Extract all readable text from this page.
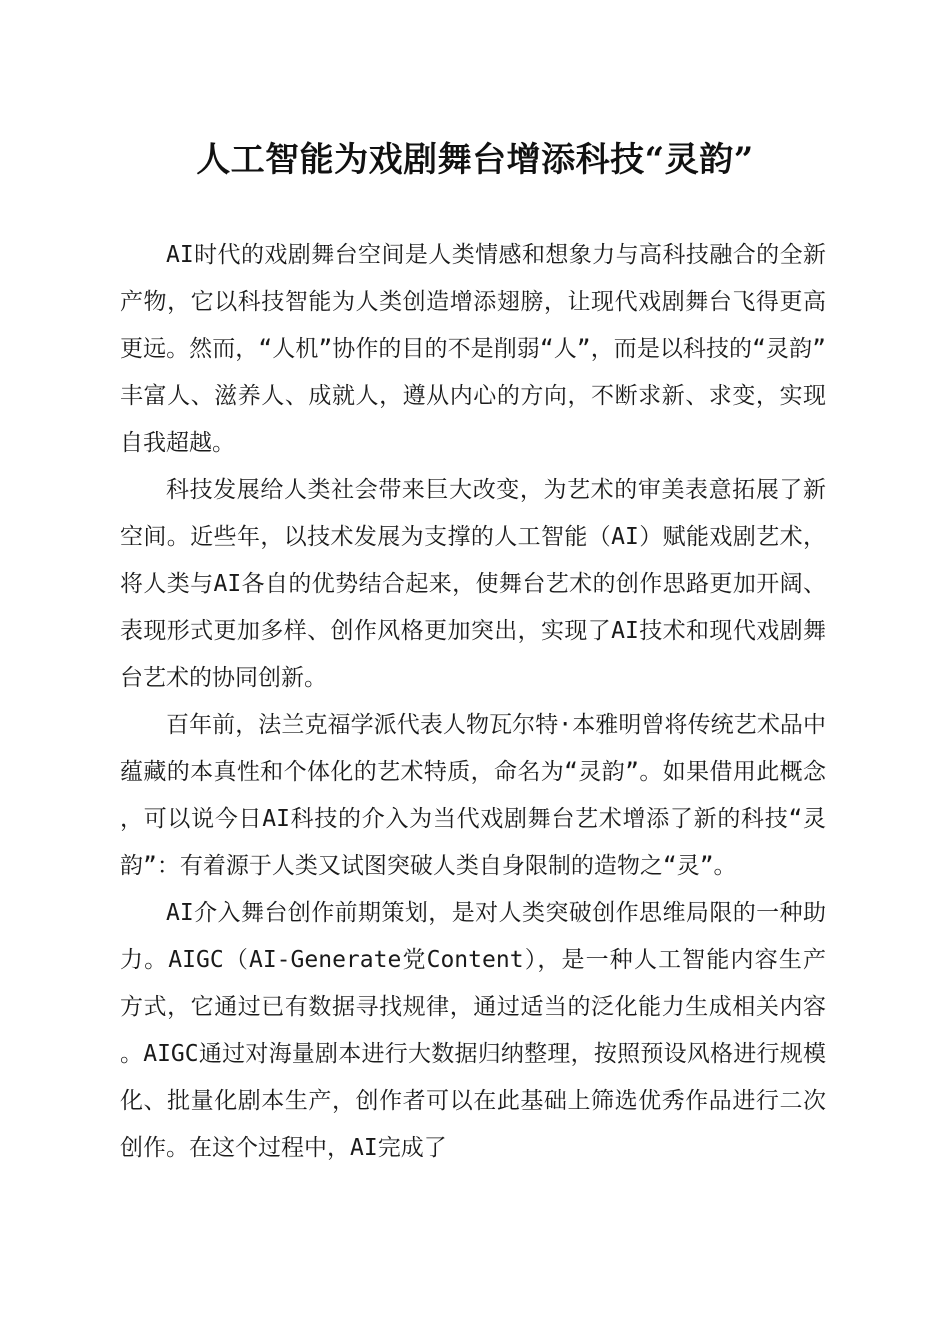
人工智能为戏剧舞台增添科技“灵韵”

AI时代的戏剧舞台空间是人类情感和想象力与高科技融合的全新产物，它以科技智能为人类创造增添翅膀，让现代戏剧舞台飞得更高更远。然而，“人机”协作的目的不是削弱“人”，而是以科技的“灵韵”丰富人、滋养人、成就人，遵从内心的方向，不断求新、求变，实现自我超越。

科技发展给人类社会带来巨大改变，为艺术的审美表意拓展了新空间。近些年，以技术发展为支撑的人工智能（AI）赋能戏剧艺术，将人类与AI各自的优势结合起来，使舞台艺术的创作思路更加开阔、表现形式更加多样、创作风格更加突出，实现了AI技术和现代戏剧舞台艺术的协同创新。

百年前，法兰克福学派代表人物瓦尔特·本雅明曾将传统艺术品中蕴藏的本真性和个体化的艺术特质，命名为“灵韵”。如果借用此概念，可以说今日AI科技的介入为当代戏剧舞台艺术增添了新的科技“灵韵”：有着源于人类又试图突破人类自身限制的造物之“灵”。

AI介入舞台创作前期策划，是对人类突破创作思维局限的一种助力。AIGC（AI-Generate党Content），是一种人工智能内容生产方式，它通过已有数据寻找规律，通过适当的泛化能力生成相关内容。AIGC通过对海量剧本进行大数据归纳整理，按照预设风格进行规模化、批量化剧本生产，创作者可以在此基础上筛选优秀作品进行二次创作。在这个过程中，AI完成了
